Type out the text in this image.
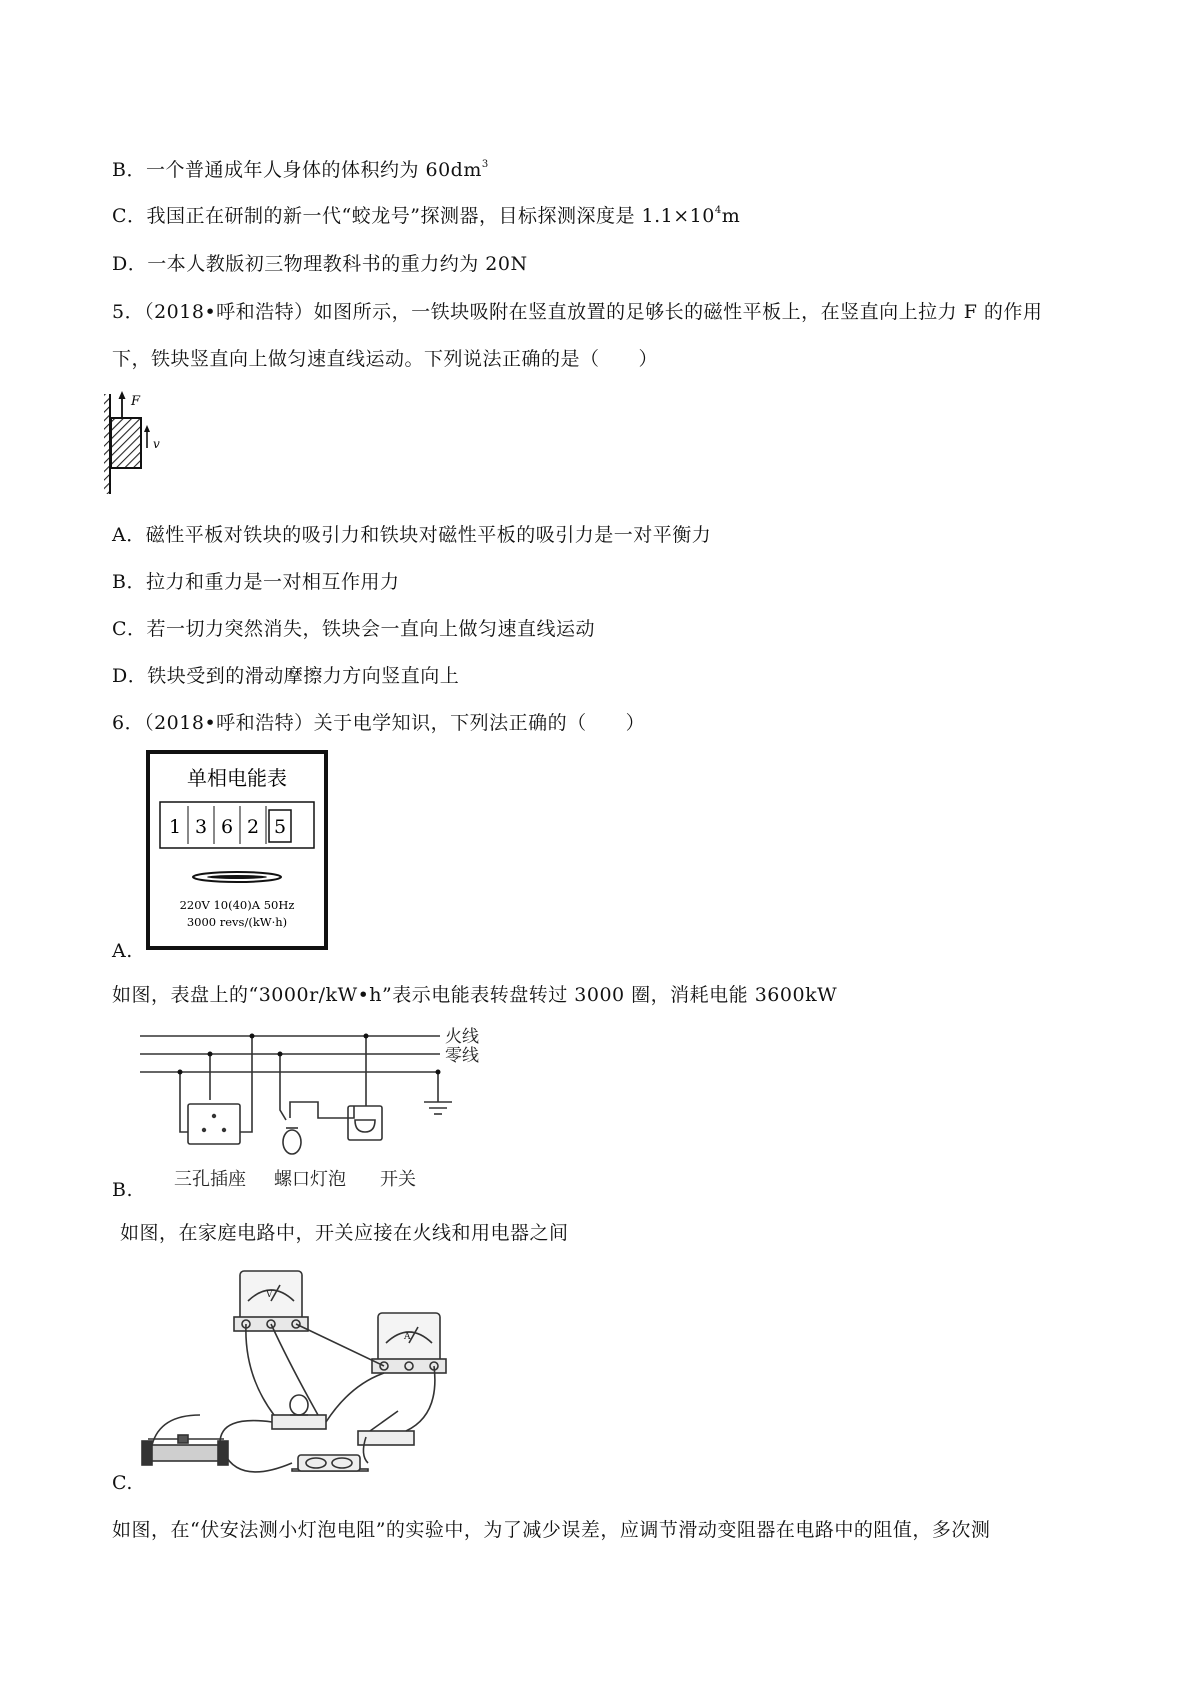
B．一个普通成年人身体的体积约为 $60dm^3$
C．我国正在研制的新一代“蛟龙号”探测器，目标探测深度是 $1.1\times 10^4m$
D．一本人教版初三物理教科书的重力约为 20N
5．（2018•呼和浩特）如图所示，一铁块吸附在竖直放置的足够长的磁性平板上，在竖直向上拉力 F 的作用
下，铁块竖直向上做匀速直线运动。下列说法正确的是（　　）
F
v
A．磁性平板对铁块的吸引力和铁块对磁性平板的吸引力是一对平衡力
B．拉力和重力是一对相互作用力
C．若一切力突然消失，铁块会一直向上做匀速直线运动
D．铁块受到的滑动摩擦力方向竖直向上
6．（2018•呼和浩特）关于电学知识，下列法正确的（　　）
单相电能表
1 3 6 2 5
220V 10(40)A 50Hz
3000 revs/(kW·h)
A.
如图，表盘上的“3000r/kW•h”表示电能表转盘转过 3000 圈，消耗电能 3600kW
火线
零线
三孔插座 螺口灯泡 开关
B.
如图，在家庭电路中，开关应接在火线和用电器之间
V
A
C.
如图，在“伏安法测小灯泡电阻”的实验中，为了减少误差，应调节滑动变阻器在电路中的阻值，多次测
